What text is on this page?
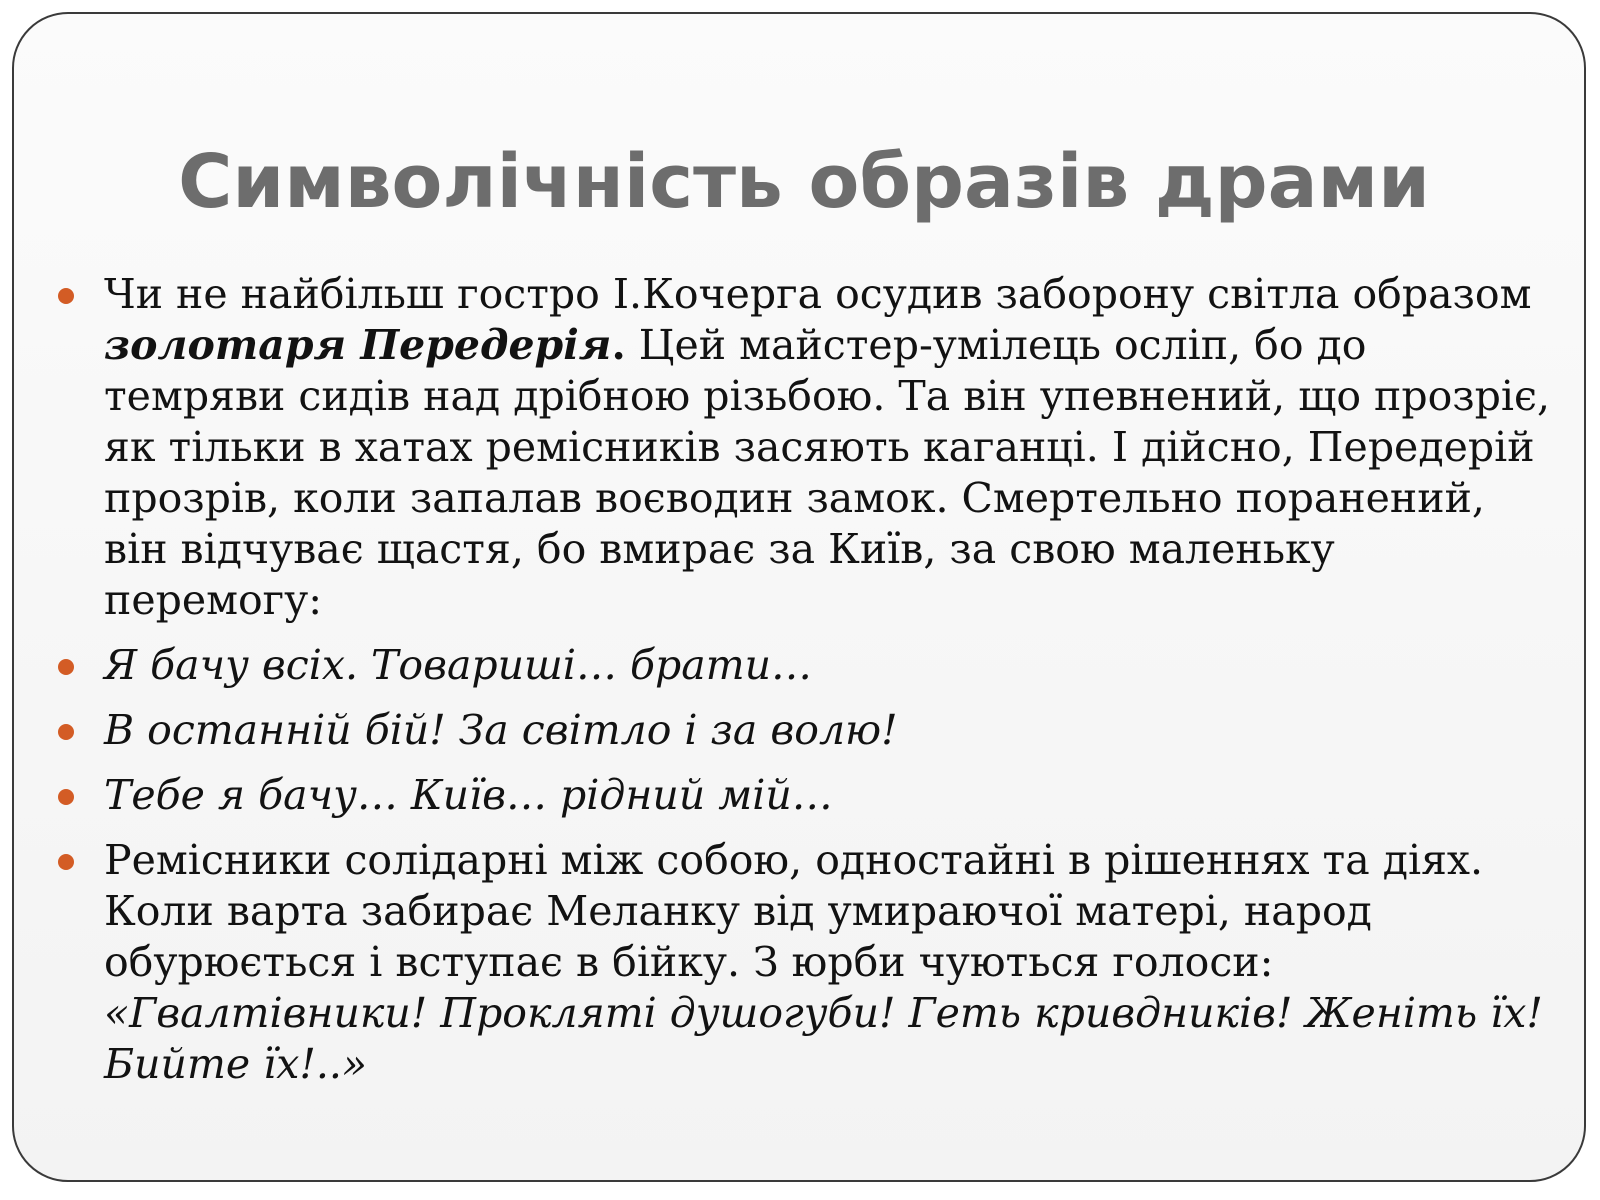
Символічність образів драми
Чи не найбільш гостро І.Кочерга осудив заборону світла образом золотаря Передерія. Цей майстер-умілець осліп, бо до темряви сидів над дрібною різьбою. Та він упевнений, що прозріє, як тільки в хатах ремісників засяють каганці. І дійсно, Передерій прозрів, коли запалав воєводин замок. Смертельно поранений, він відчуває щастя, бо вмирає за Київ, за свою маленьку перемогу:
Я бачу всіх. Товариші… брати…
В останній бій! За світло і за волю!
Тебе я бачу… Київ… рідний мій…
Ремісники солідарні між собою, одностайні в рішеннях та діях. Коли варта забирає Меланку від умираючої матері, народ обурюється і вступає в бійку. З юрби чуються голоси: «Гвалтівники! Прокляті душогуби! Геть кривдників! Женіть їх! Бийте їх!..»
